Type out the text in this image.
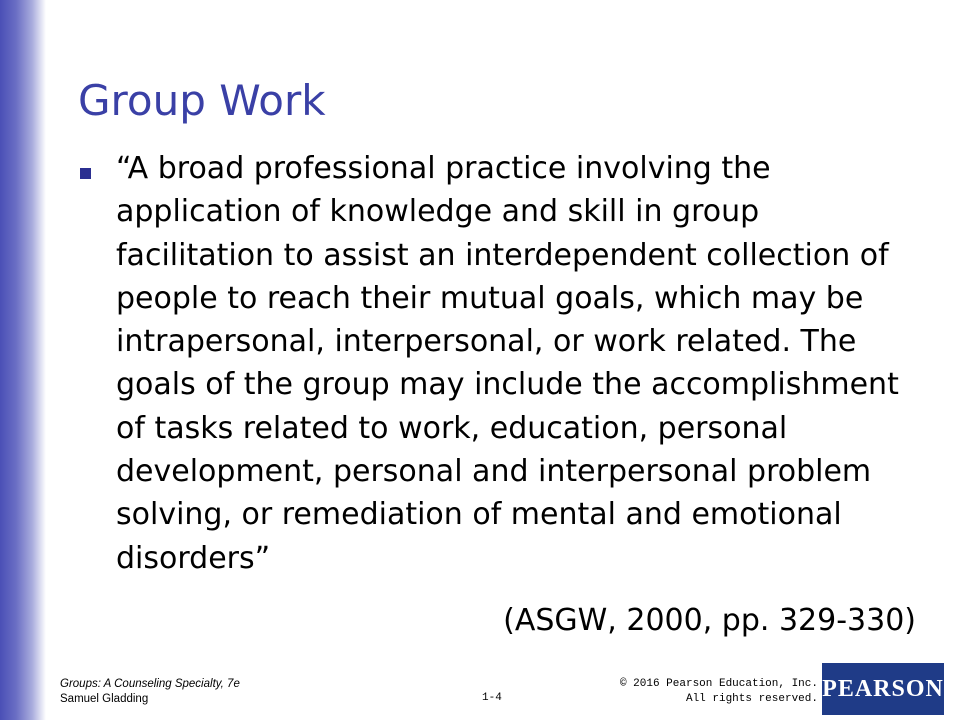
Group Work
“A broad professional practice involving the application of knowledge and skill in group facilitation to assist an interdependent collection of people to reach their mutual goals, which may be intrapersonal, interpersonal, or work related. The goals of the group may include the accomplishment of tasks related to work, education, personal development, personal and interpersonal problem solving, or remediation of mental and emotional disorders”
(ASGW, 2000, pp. 329-330)
Groups: A Counseling Specialty, 7e
Samuel Gladding	1-4
© 2016 Pearson Education, Inc.
All rights reserved. PEARSON
